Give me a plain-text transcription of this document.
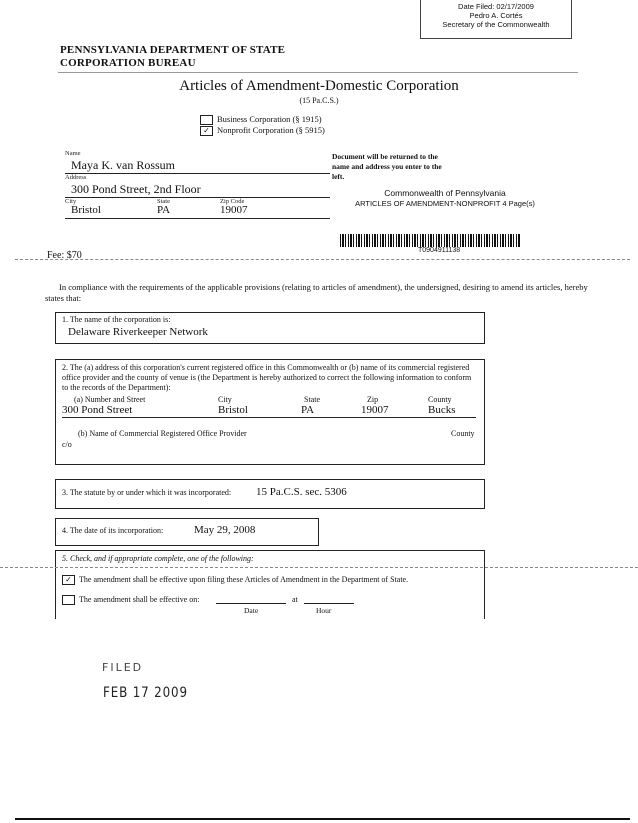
Date Filed: 02/17/2009
Pedro A. Cortés
Secretary of the Commonwealth
PENNSYLVANIA DEPARTMENT OF STATE
CORPORATION BUREAU
Articles of Amendment-Domestic Corporation
(15 Pa.C.S.)
Business Corporation (§ 1915)
✓ Nonprofit Corporation (§ 5915)
Name
Maya K. van Rossum
Address
300 Pond Street, 2nd Floor
City	State	Zip Code
Bristol	PA	19007
Document will be returned to the name and address you enter to the left.
Commonwealth of Pennsylvania
ARTICLES OF AMENDMENT-NONPROFIT 4 Page(s)
T0904911138
Fee: $70
In compliance with the requirements of the applicable provisions (relating to articles of amendment), the undersigned, desiring to amend its articles, hereby states that:
1. The name of the corporation is:
Delaware Riverkeeper Network
2. The (a) address of this corporation's current registered office in this Commonwealth or (b) name of its commercial registered office provider and the county of venue is (the Department is hereby authorized to correct the following information to conform to the records of the Department):
(a) Number and Street	City	State	Zip	County
300 Pond Street	Bristol	PA	19007	Bucks
(b) Name of Commercial Registered Office Provider	County
c/o
3. The statute by or under which it was incorporated: 15 Pa.C.S. sec. 5306
4. The date of its incorporation:	May 29, 2008
5. Check, and if appropriate complete, one of the following:
✓ The amendment shall be effective upon filing these Articles of Amendment in the Department of State.
The amendment shall be effective on:	at
Date	Hour
FILED
FEB 17 2009
